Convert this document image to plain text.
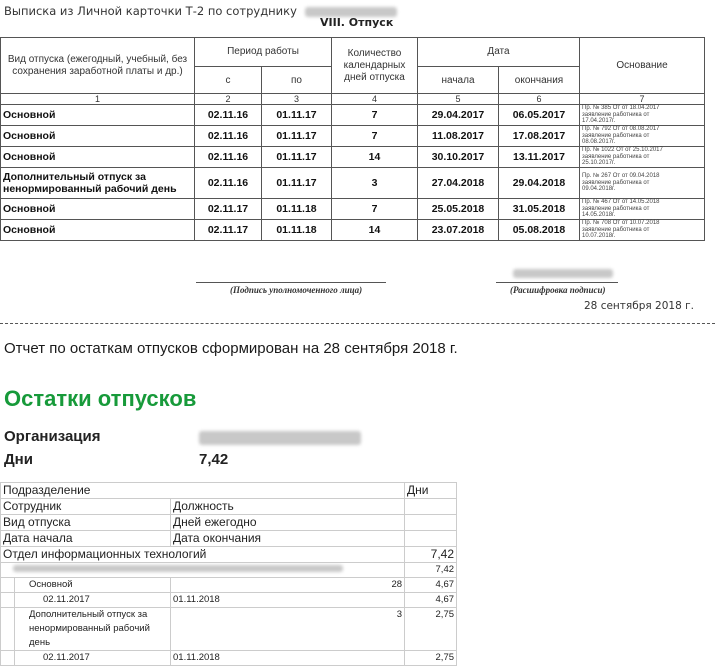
Выписка из Личной карточки Т-2 по сотруднику
VIII. Отпуск
Вид отпуска (ежегодный, учебный, без сохранения заработной платы и др.)	Период работы		Количество календарных дней отпуска	Дата		Основание
	с	по		начала	окончания	
1	2	3	4	5	6	7
Основной	02.11.16	01.11.17	7	29.04.2017	06.05.2017	Пр. № 385 От от 18.04.2017
заявление работника от
17.04.2017г.
Основной	02.11.16	01.11.17	7	11.08.2017	17.08.2017	Пр. № 792 От от 08.08.2017
заявление работника от
08.08.2017г.
Основной	02.11.16	01.11.17	14	30.10.2017	13.11.2017	Пр. № 1022 От от 25.10.2017
заявление работника от
25.10.2017г.
Дополнительный отпуск за ненормированный рабочий день	02.11.16	01.11.17	3	27.04.2018	29.04.2018	Пр. № 267 От от 09.04.2018
заявление работника от
09.04.2018г.
Основной	02.11.17	01.11.18	7	25.05.2018	31.05.2018	Пр. № 467 От от 14.05.2018
заявление работника от
14.05.2018г.
Основной	02.11.17	01.11.18	14	23.07.2018	05.08.2018	Пр. № 708 От от 10.07.2018
заявление работника от
10.07.2018г.
(Подпись уполномоченного лица)	(Расшифровка подписи)
28 сентября 2018 г.
Отчет по остаткам отпусков сформирован на 28 сентября 2018 г.
Остатки отпусков
Организация
Дни	7,42
Подразделение			Дни
Сотрудник		Должность	
Вид отпуска		Дней ежегодно	
Дата начала		Дата окончания	
Отдел информационных технологий			7,42
			7,42
	Основной	28	4,67
	02.11.2017	01.11.2018	4,67
	Дополнительный отпуск за ненормированный рабочий день	3	2,75
	02.11.2017	01.11.2018	2,75
